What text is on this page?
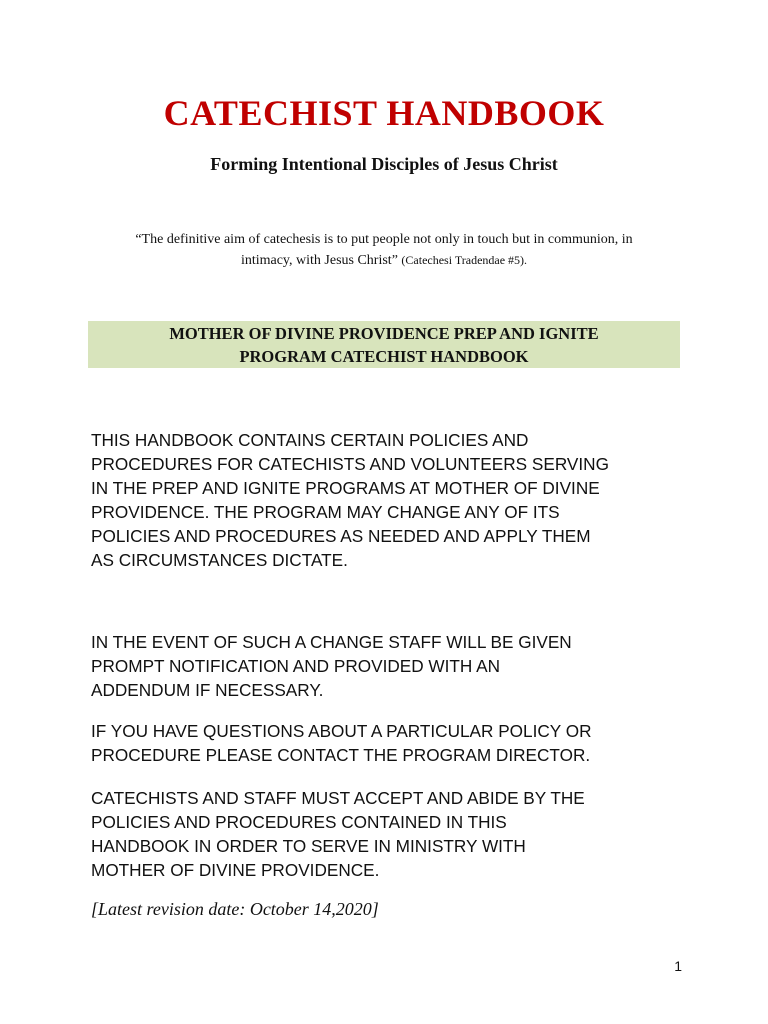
CATECHIST HANDBOOK
Forming Intentional Disciples of Jesus Christ
“The definitive aim of catechesis is to put people not only in touch but in communion, in
intimacy, with Jesus Christ” (Catechesi Tradendae #5).
MOTHER OF DIVINE PROVIDENCE PREP AND IGNITE
PROGRAM CATECHIST HANDBOOK
THIS HANDBOOK CONTAINS CERTAIN POLICIES AND
PROCEDURES FOR CATECHISTS AND VOLUNTEERS SERVING
IN THE PREP AND IGNITE PROGRAMS AT MOTHER OF DIVINE
PROVIDENCE. THE PROGRAM MAY CHANGE ANY OF ITS
POLICIES AND PROCEDURES AS NEEDED AND APPLY THEM
AS CIRCUMSTANCES DICTATE.
IN THE EVENT OF SUCH A CHANGE STAFF WILL BE GIVEN
PROMPT NOTIFICATION AND PROVIDED WITH AN
ADDENDUM IF NECESSARY.
IF YOU HAVE QUESTIONS ABOUT A PARTICULAR POLICY OR
PROCEDURE PLEASE CONTACT THE PROGRAM DIRECTOR.
CATECHISTS AND STAFF MUST ACCEPT AND ABIDE BY THE
POLICIES AND PROCEDURES CONTAINED IN THIS
HANDBOOK IN ORDER TO SERVE IN MINISTRY WITH
MOTHER OF DIVINE PROVIDENCE.
[Latest revision date: October 14,2020]
1
